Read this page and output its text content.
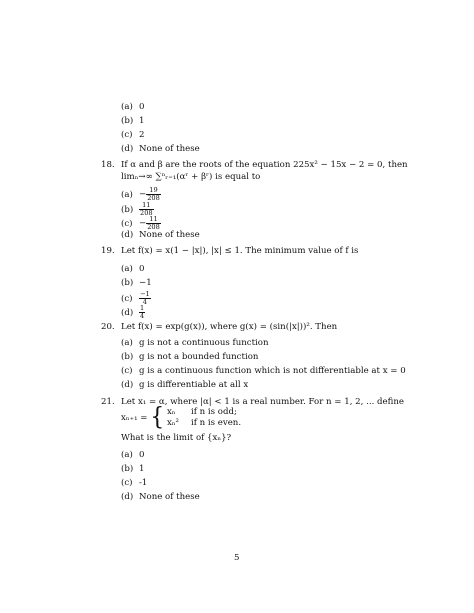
(a) 0
(b) 1
(c) 2
(d) None of these
18. If α and β are the roots of the equation 225x² − 15x − 2 = 0, then
limₙ→∞ ∑ⁿᵣ₌₁(αʳ + βʳ) is equal to
$(a) - \frac{19}{208}$
$(b) \frac{11}{208}$
$(c) - \frac{11}{208}$
(d) None of these
19. Let f(x) = x(1 − |x|), |x| ≤ 1. The minimum value of f is
(a) 0
(b) −1
$(c) \frac{-1}{4}$
$(d) \frac{1}{4}$
20. Let f(x) = exp(g(x)), where g(x) = (sin(|x|))². Then
(a) g is not a continuous function
(b) g is not a bounded function
(c) g is a continuous function which is not differentiable at x = 0
(d) g is differentiable at all x
21. Let x₁ = α, where |α| < 1 is a real number. For n = 1, 2, ... define
xₙ₊₁ = { xₙ if n is odd;
xₙ² if n is even.
What is the limit of {xₙ}?
(a) 0
(b) 1
(c) -1
(d) None of these
5
